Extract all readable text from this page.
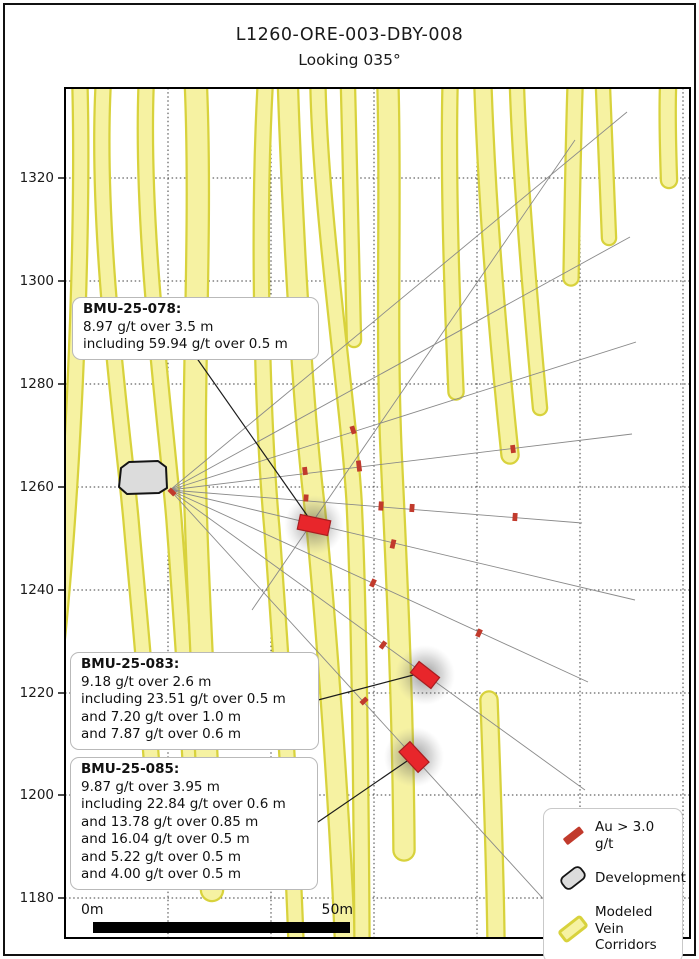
L1260-ORE-003-DBY-008
Looking 035°
1320
1300
1280
1260
1240
1220
1200
1180
BMU-25-078:
8.97 g/t over 3.5 m
including 59.94 g/t over 0.5 m
BMU-25-083:
9.18 g/t over 2.6 m
including 23.51 g/t over 0.5 m
and 7.20 g/t over 1.0 m
and 7.87 g/t over 0.6 m
BMU-25-085:
9.87 g/t over 3.95 m
including 22.84 g/t over 0.6 m
and 13.78 g/t over 0.85 m
and 16.04 g/t over 0.5 m
and 5.22 g/t over 0.5 m
and 4.00 g/t over 0.5 m
Au > 3.0 g/t
Development
Modeled Vein Corridors
0m	50m
